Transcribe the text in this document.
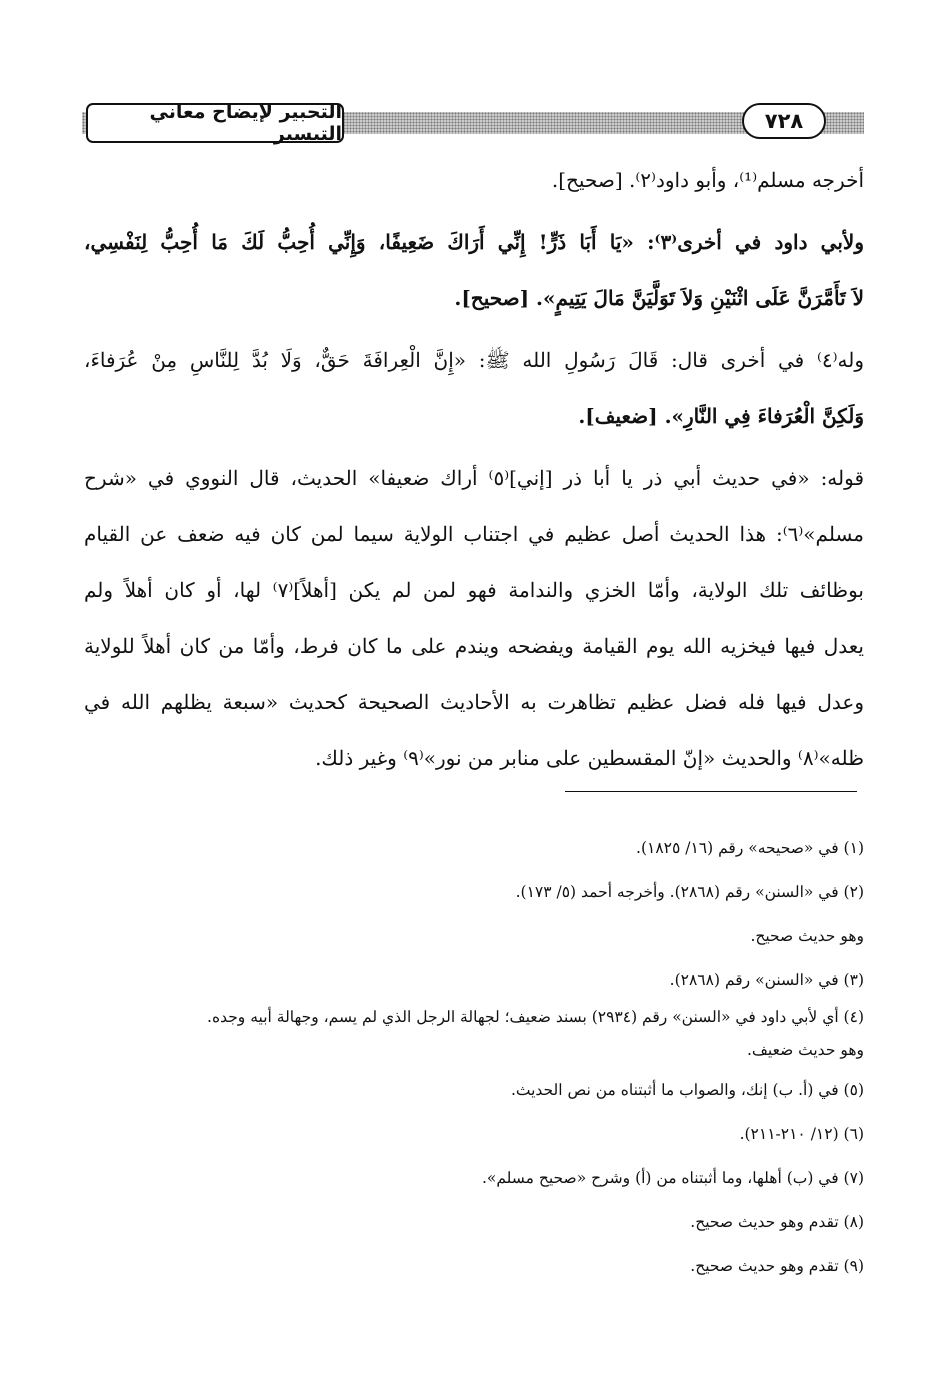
التحبير لإيضاح معاني التيسير
٧٢٨
أخرجه مسلم⁽¹⁾، وأبو داود⁽٢⁾. [صحيح].
ولأبي داود في أخرى⁽٣⁾: «يَا أَبَا ذَرٍّ! إِنِّي أَرَاكَ ضَعِيفًا، وَإِنِّي أُحِبُّ لَكَ مَا أُحِبُّ لِنَفْسِي،
لاَ تَأَمَّرَنَّ عَلَى اثْنَيْنِ وَلاَ تَوَلَّيَنَّ مَالَ يَتِيمٍ». [صحيح].
وله⁽٤⁾ في أخرى قال: قَالَ رَسُولِ الله ﷺ: «إِنَّ الْعِرافَةَ حَقٌّ، وَلَا بُدَّ لِلنَّاسِ مِنْ عُرَفاءَ،
وَلَكِنَّ الْعُرَفاءَ فِي النَّارِ». [ضعيف].
قوله: «في حديث أبي ذر يا أبا ذر [إني]⁽٥⁾ أراك ضعيفا» الحديث، قال النووي في «شرح
مسلم»⁽٦⁾: هذا الحديث أصل عظيم في اجتناب الولاية سيما لمن كان فيه ضعف عن القيام
بوظائف تلك الولاية، وأمّا الخزي والندامة فهو لمن لم يكن [أهلاً]⁽٧⁾ لها، أو كان أهلاً ولم
يعدل فيها فيخزيه الله يوم القيامة ويفضحه ويندم على ما كان فرط، وأمّا من كان أهلاً للولاية
وعدل فيها فله فضل عظيم تظاهرت به الأحاديث الصحيحة كحديث «سبعة يظلهم الله في
ظله»⁽٨⁾ والحديث «إنّ المقسطين على منابر من نور»⁽٩⁾ وغير ذلك.
(١) في «صحيحه» رقم (١٦/ ١٨٢٥).
(٢) في «السنن» رقم (٢٨٦٨). وأخرجه أحمد (٥/ ١٧٣).
وهو حديث صحيح.
(٣) في «السنن» رقم (٢٨٦٨).
(٤) أي لأبي داود في «السنن» رقم (٢٩٣٤) بسند ضعيف؛ لجهالة الرجل الذي لم يسم، وجهالة أبيه وجده.
وهو حديث ضعيف.
(٥) في (أ. ب) إنك، والصواب ما أثبتناه من نص الحديث.
(٦) (١٢/ ٢١٠-٢١١).
(٧) في (ب) أهلها، وما أثبتناه من (أ) وشرح «صحيح مسلم».
(٨) تقدم وهو حديث صحيح.
(٩) تقدم وهو حديث صحيح.
